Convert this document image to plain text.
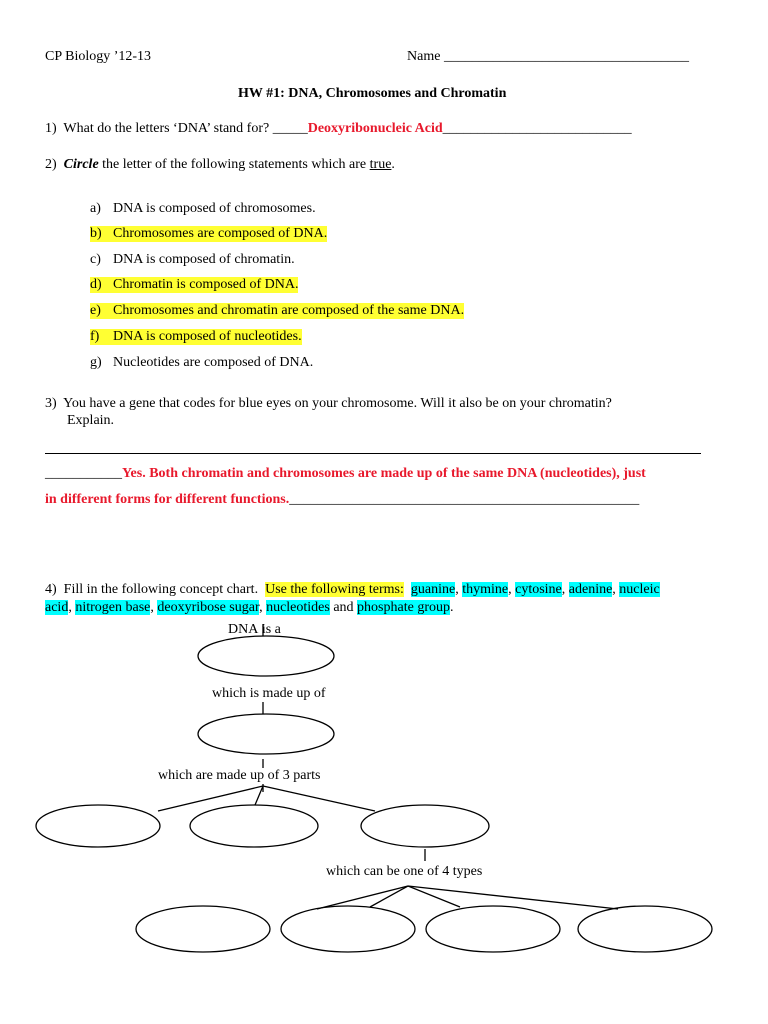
CP Biology ’12-13	Name ___________________________________
HW #1: DNA, Chromosomes and Chromatin
1) What do the letters ‘DNA’ stand for? _____Deoxyribonucleic Acid___________________________
2) Circle the letter of the following statements which are true.
a) DNA is composed of chromosomes.
b) Chromosomes are composed of DNA.
c) DNA is composed of chromatin.
d) Chromatin is composed of DNA.
e) Chromosomes and chromatin are composed of the same DNA.
f) DNA is composed of nucleotides.
g) Nucleotides are composed of DNA.
3) You have a gene that codes for blue eyes on your chromosome. Will it also be on your chromatin?
Explain.
___________Yes. Both chromatin and chromosomes are made up of the same DNA (nucleotides), just
in different forms for different functions.__________________________________________________
4) Fill in the following concept chart. Use the following terms: guanine, thymine, cytosine, adenine, nucleic
acid, nitrogen base, deoxyribose sugar, nucleotides and phosphate group.
DNA is a
which is made up of
which are made up of 3 parts
which can be one of 4 types
